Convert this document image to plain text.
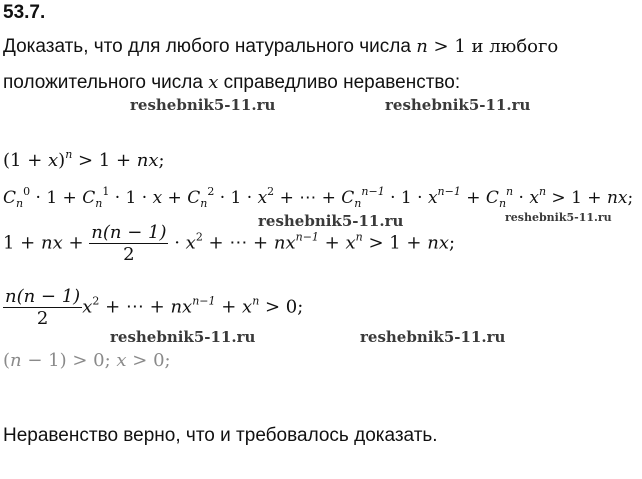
53.7.
Доказать, что для любого натурального числа n > 1 и любого
положительного числа x справедливо неравенство:
reshebnik5-11.ru	reshebnik5-11.ru
reshebnik5-11.ru	reshebnik5-11.ru
reshebnik5-11.ru	reshebnik5-11.ru
$(1 + x)^n > 1$ + nx;
$C_n^0 \cdot 1 + C_n^1 \cdot 1 \cdot x + C_n^2 \cdot 1 \cdot x^2$ + ⋯ + $C_n^{n-1} \cdot 1 \cdot x^{n-1} + C_n^n \cdot x^n > 1$ + nx;
1 + nx + $\frac{n(n - 1)}{2} \cdot x^2$ + ⋯ + $nx^{n-1} + x^n > 1$ + nx;
$\frac{n(n - 1)}{2} x^2$ + ⋯ + $nx^{n-1} + x^n > 0$;
(n − 1) > 0; x > 0;
Неравенство верно, что и требовалось доказать.
